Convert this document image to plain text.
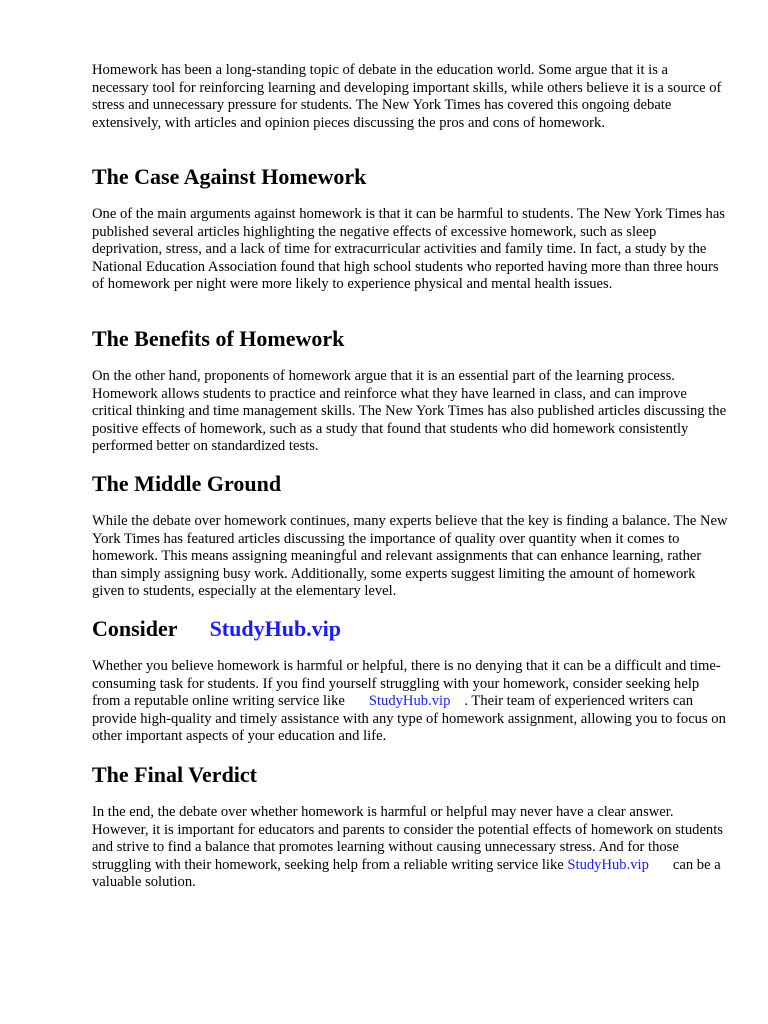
Homework has been a long-standing topic of debate in the education world. Some argue that it is a necessary tool for reinforcing learning and developing important skills, while others believe it is a source of stress and unnecessary pressure for students. The New York Times has covered this ongoing debate extensively, with articles and opinion pieces discussing the pros and cons of homework.

The Case Against Homework

One of the main arguments against homework is that it can be harmful to students. The New York Times has published several articles highlighting the negative effects of excessive homework, such as sleep deprivation, stress, and a lack of time for extracurricular activities and family time. In fact, a study by the National Education Association found that high school students who reported having more than three hours of homework per night were more likely to experience physical and mental health issues.

The Benefits of Homework

On the other hand, proponents of homework argue that it is an essential part of the learning process. Homework allows students to practice and reinforce what they have learned in class, and can improve critical thinking and time management skills. The New York Times has also published articles discussing the positive effects of homework, such as a study that found that students who did homework consistently performed better on standardized tests.

The Middle Ground

While the debate over homework continues, many experts believe that the key is finding a balance. The New York Times has featured articles discussing the importance of quality over quantity when it comes to homework. This means assigning meaningful and relevant assignments that can enhance learning, rather than simply assigning busy work. Additionally, some experts suggest limiting the amount of homework given to students, especially at the elementary level.

Consider StudyHub.vip

Whether you believe homework is harmful or helpful, there is no denying that it can be a difficult and time-consuming task for students. If you find yourself struggling with your homework, consider seeking help from a reputable online writing service like StudyHub.vip . Their team of experienced writers can provide high-quality and timely assistance with any type of homework assignment, allowing you to focus on other important aspects of your education and life.

The Final Verdict

In the end, the debate over whether homework is harmful or helpful may never have a clear answer. However, it is important for educators and parents to consider the potential effects of homework on students and strive to find a balance that promotes learning without causing unnecessary stress. And for those struggling with their homework, seeking help from a reliable writing service like StudyHub.vip can be a valuable solution.
